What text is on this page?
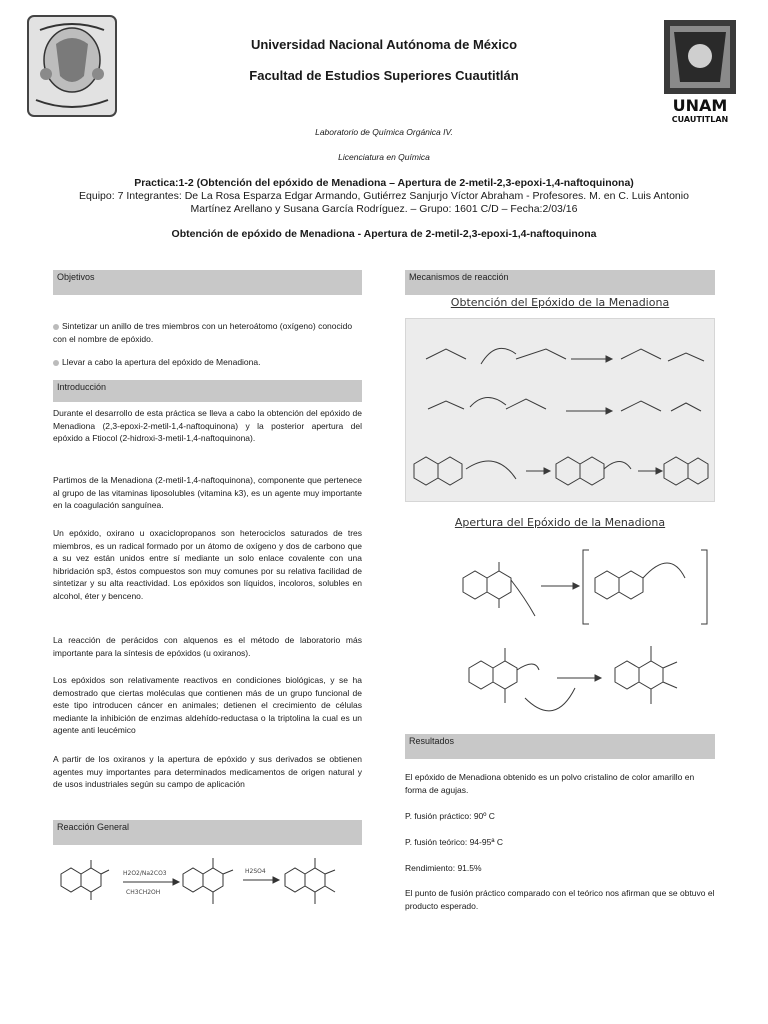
UNAM
CUAUTITLAN
Universidad Nacional Autónoma de México
Facultad de Estudios Superiores Cuautitlán
Laboratorio de Química Orgánica IV.
Licenciatura en Química
Practica:1-2 (Obtención del epóxido de Menadiona – Apertura de 2-metil-2,3-epoxi-1,4-naftoquinona)
Equipo: 7 Integrantes: De La Rosa Esparza Edgar Armando, Gutiérrez Sanjurjo Víctor Abraham - Profesores. M. en C. Luis Antonio Martínez Arellano y Susana García Rodríguez. – Grupo: 1601 C/D – Fecha:2/03/16
Obtención de epóxido de Menadiona - Apertura de 2-metil-2,3-epoxi-1,4-naftoquinona
Objetivos
Sintetizar un anillo de tres miembros con un heteroátomo (oxígeno) conocido con el nombre de epóxido.
Llevar a cabo la apertura del epóxido de Menadiona.
Introducción
Durante el desarrollo de esta práctica se lleva a cabo la obtención del epóxido de Menadiona (2,3-epoxi-2-metil-1,4-naftoquinona) y la posterior apertura del epóxido a Ftiocol (2-hidroxi-3-metil-1,4-naftoquinona).
Partimos de la Menadiona (2-metil-1,4-naftoquinona), componente que pertenece al grupo de las vitaminas liposolubles (vitamina k3), es un agente muy importante en la coagulación sanguínea.
Un epóxido, oxirano u oxaciclopropanos son heterociclos saturados de tres miembros, es un radical formado por un átomo de oxígeno y dos de carbono que a su vez están unidos entre sí mediante un solo enlace covalente con una hibridación sp3, éstos compuestos son muy comunes por su relativa facilidad de sintetizar y su alta reactividad. Los epóxidos son líquidos, incoloros, solubles en alcohol, éter y benceno.
La reacción de perácidos con alquenos es el método de laboratorio más importante para la síntesis de epóxidos (u oxiranos).
Los epóxidos son relativamente reactivos en condiciones biológicas, y se ha demostrado que ciertas moléculas que contienen más de un grupo funcional de este tipo introducen cáncer en animales; detienen el crecimiento de células mediante la inhibición de enzimas aldehído-reductasa o la triptolina la cual es un agente anti leucémico
A partir de los oxiranos y la apertura de epóxido y sus derivados se obtienen agentes muy importantes para determinados medicamentos de origen natural y de usos industriales según su campo de aplicación
Reacción General
H2O2/Na2CO3
CH3CH2OH
H2SO4
Mecanismos de reacción
Obtención del Epóxido de la Menadiona
Apertura del Epóxido de la Menadiona
Resultados
El epóxido de Menadiona obtenido es un polvo cristalino de color amarillo en forma de agujas.
P. fusión práctico: 90º C
P. fusión teórico: 94-95ª C
Rendimiento: 91.5%
El punto de fusión práctico comparado con el teórico nos afirman que se obtuvo el producto esperado.
